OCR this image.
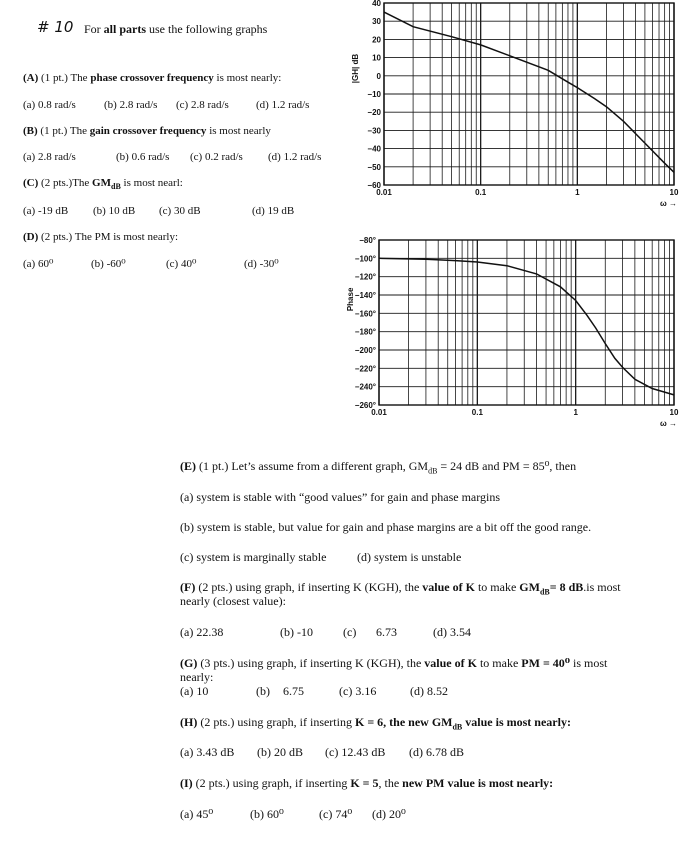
# 10 For all parts use the following graphs
(A) (1 pt.) The phase crossover frequency is most nearly:
(a) 0.8 rad/s	(b) 2.8 rad/s (c) 2.8 rad/s (d) 1.2 rad/s
(B) (1 pt.) The gain crossover frequency is most nearly
(a) 2.8 rad/s	(b) 0.6 rad/s (c) 0.2 rad/s (d) 1.2 rad/s
(C) (2 pts.)The $GM_{dB}$ is most nearl:
(a) -19 dB (b) 10 dB (c) 30 dB	(d) 19 dB
(D) (2 pts.) The PM is most nearly:
(a) 60⁰	(b) -60⁰	(c) 40⁰	(d) -30⁰
40
30
20
10
0
−10
−20
−30
−40
−50
−60
0.01	0.1	1	10
ω →
|GH| dB
−80°
−100°
−120°
−140°
−160°
−180°
−200°
−220°
−240°
−260°
0.01	0.1	1	10
ω →
Phase
(E) (1 pt.) Let’s assume from a different graph, $GM_{dB} = 24$ dB and PM = 85⁰, then
(a) system is stable with “good values” for gain and phase margins
(b) system is stable, but value for gain and phase margins are a bit off the good range.
(c) system is marginally stable	(d) system is unstable
(F) (2 pts.) using graph, if inserting K (KGH), the value of K to make $GM_{dB}= 8$ dB.is most
nearly (closest value):
(a) 22.38	(b) -10	(c) 6.73	(d) 3.54
(G) (3 pts.) using graph, if inserting K (KGH), the value of K to make PM = 40⁰ is most
nearly:
(a) 10	(b) 6.75	(c) 3.16	(d) 8.52
(H) (2 pts.) using graph, if inserting K = 6, the new $GM_{dB}$ value is most nearly:
(a) 3.43 dB (b) 20 dB (c) 12.43 dB (d) 6.78 dB
(I) (2 pts.) using graph, if inserting K = 5, the new PM value is most nearly:
(a) 45⁰	(b) 60⁰	(c) 74⁰ (d) 20⁰
